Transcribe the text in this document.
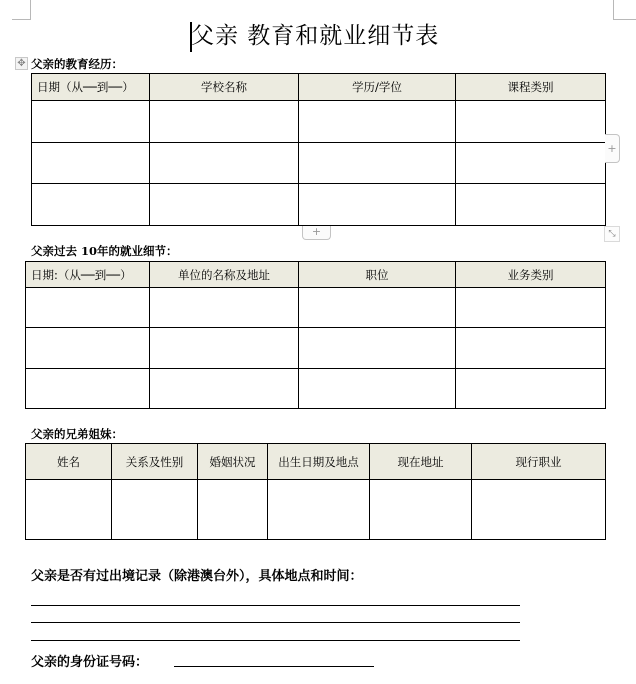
父亲 教育和就业细节表
✥ 父亲的教育经历：
日期（从──到──）	学校名称	学历/学位	课程类别

+
+	⤡
父亲过去 10年的就业细节：
日期:（从──到──）	单位的名称及地址	职位	业务类别

父亲的兄弟姐妹：
姓名	关系及性别	婚姻状况	出生日期及地点	现在地址	现行职业

父亲是否有过出境记录（除港澳台外），具体地点和时间：
父亲的身份证号码：
